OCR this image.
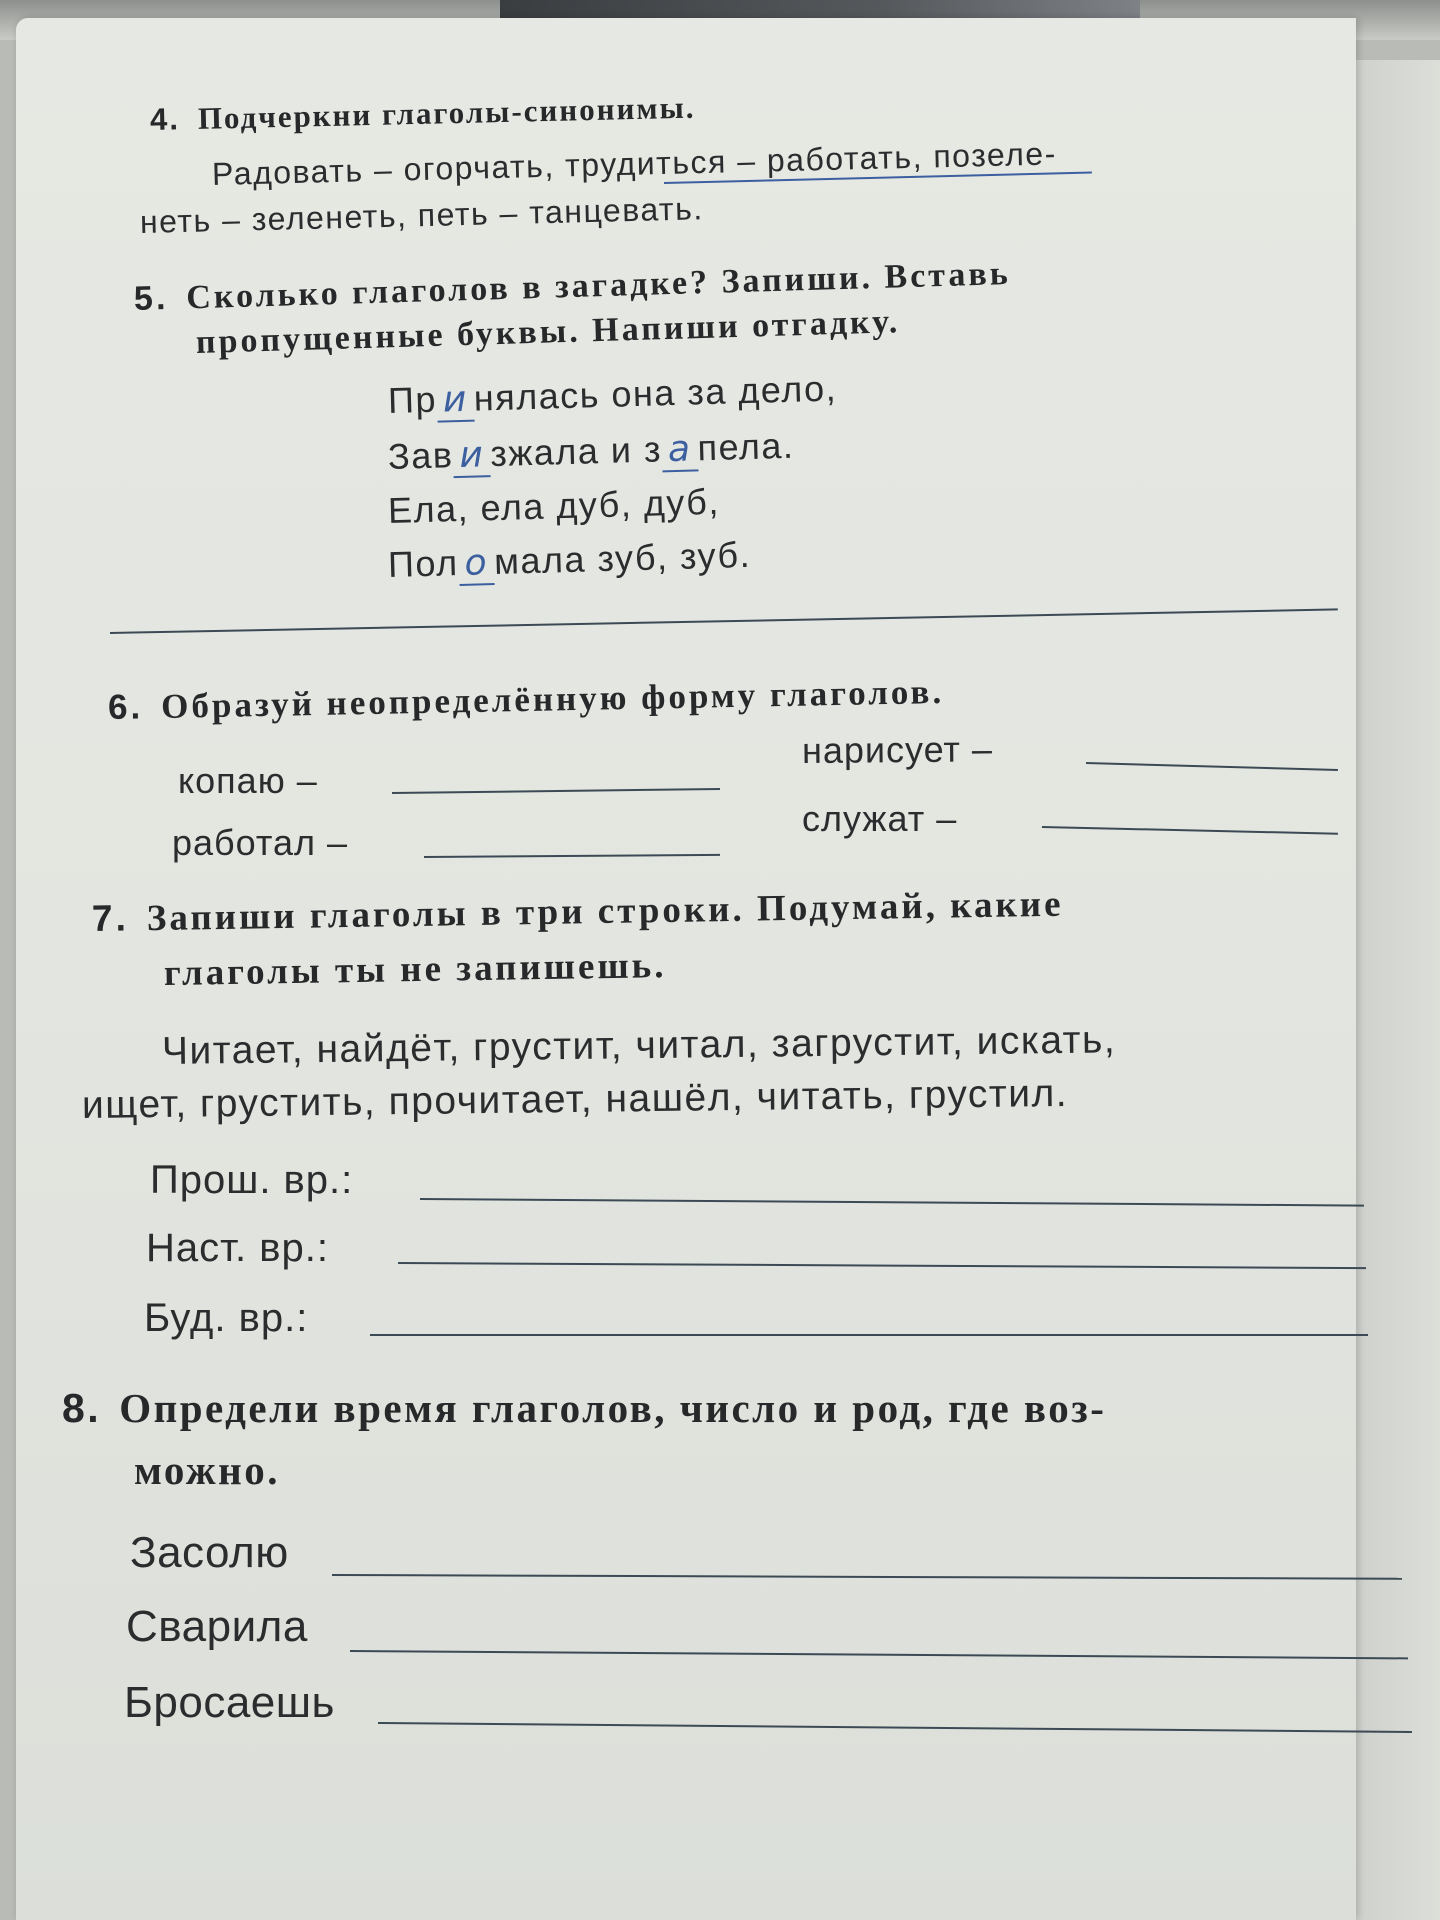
4. Подчеркни глаголы-синонимы.
Радовать – огорчать, трудиться – работать, позеле-
неть – зеленеть, петь – танцевать.
5. Сколько глаголов в загадке? Запиши. Вставь
пропущенные буквы. Напиши отгадку.
Пр и нялась она за дело,
Зав и зжала и з а пела.
Ела, ела дуб, дуб,
Пол о мала зуб, зуб.
6. Образуй неопределённую форму глаголов.
копаю –
нарисует –
работал –
служат –
7. Запиши глаголы в три строки. Подумай, какие
глаголы ты не запишешь.
Читает, найдёт, грустит, читал, загрустит, искать,
ищет, грустить, прочитает, нашёл, читать, грустил.
Прош. вр.:
Наст. вр.:
Буд. вр.:
8. Определи время глаголов, число и род, где воз-
можно.
Засолю
Сварила
Бросаешь
